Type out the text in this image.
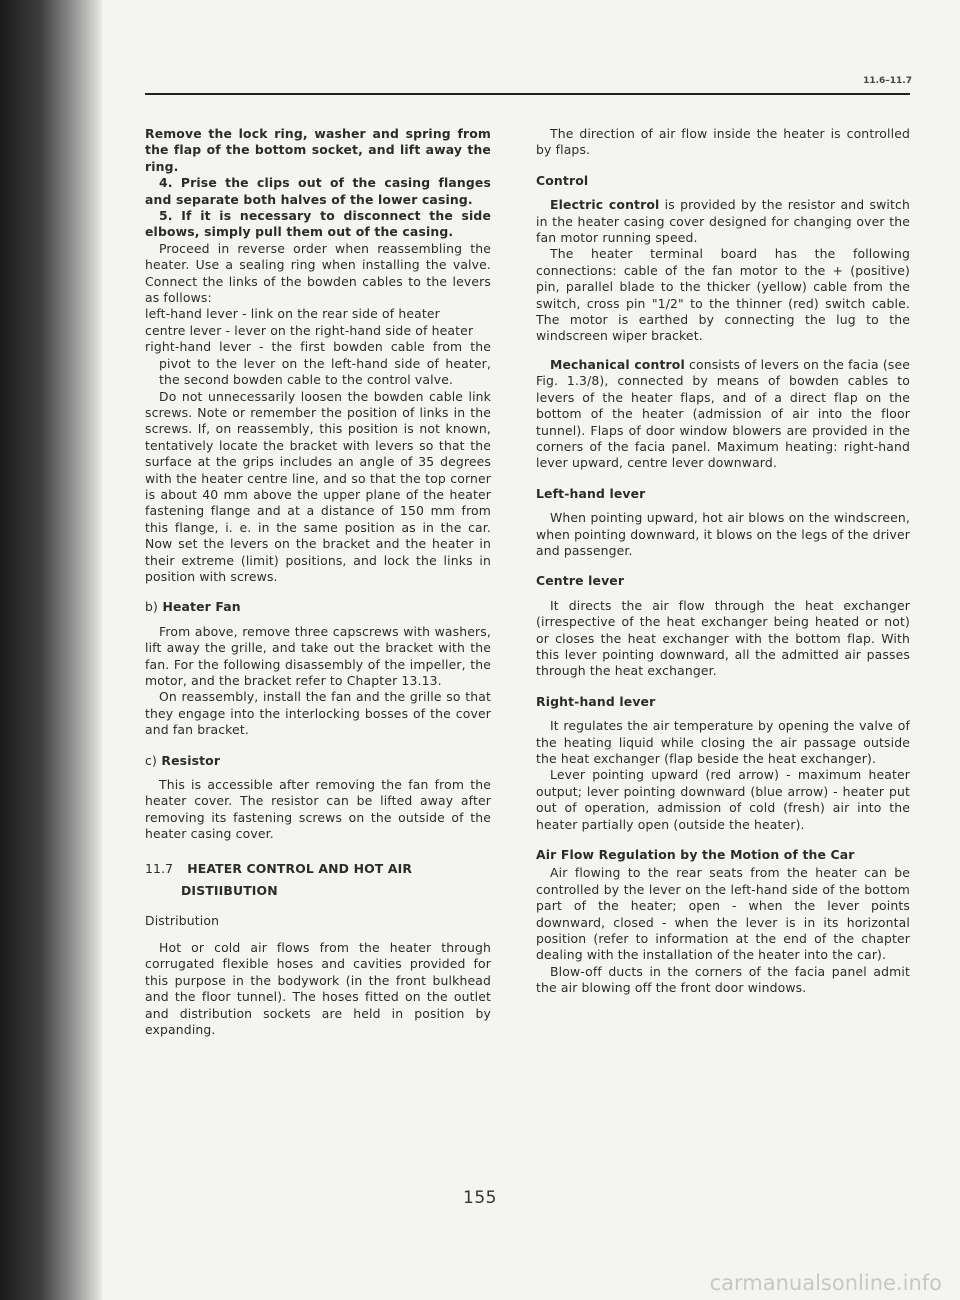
11.6–11.7

Remove the lock ring, washer and spring from the flap of the bottom socket, and lift away the ring.

4. Prise the clips out of the casing flanges and separate both halves of the lower casing.

5. If it is necessary to disconnect the side elbows, simply pull them out of the casing.

Proceed in reverse order when reassembling the heater. Use a sealing ring when installing the valve. Connect the links of the bowden cables to the levers as follows:

left-hand lever - link on the rear side of heater

centre lever - lever on the right-hand side of heater

right-hand lever - the first bowden cable from the pivot to the lever on the left-hand side of heater, the second bowden cable to the control valve.

Do not unnecessarily loosen the bowden cable link screws. Note or remember the position of links in the screws. If, on reassembly, this position is not known, tentatively locate the bracket with levers so that the surface at the grips includes an angle of 35 degrees with the heater centre line, and so that the top corner is about 40 mm above the upper plane of the heater fastening flange and at a distance of 150 mm from this flange, i. e. in the same position as in the car. Now set the levers on the bracket and the heater in their extreme (limit) positions, and lock the links in position with screws.

b) Heater Fan

From above, remove three capscrews with washers, lift away the grille, and take out the bracket with the fan. For the following disassembly of the impeller, the motor, and the bracket refer to Chapter 13.13.

On reassembly, install the fan and the grille so that they engage into the interlocking bosses of the cover and fan bracket.

c) Resistor

This is accessible after removing the fan from the heater cover. The resistor can be lifted away after removing its fastening screws on the outside of the heater casing cover.

11.7 HEATER CONTROL AND HOT AIR
DISTIIBUTION
Distribution

Hot or cold air flows from the heater through corrugated flexible hoses and cavities provided for this purpose in the bodywork (in the front bulkhead and the floor tunnel). The hoses fitted on the outlet and distribution sockets are held in position by expanding.

The direction of air flow inside the heater is controlled by flaps.

Control

Electric control is provided by the resistor and switch in the heater casing cover designed for changing over the fan motor running speed.

The heater terminal board has the following connections: cable of the fan motor to the + (positive) pin, parallel blade to the thicker (yellow) cable from the switch, cross pin "1/2" to the thinner (red) switch cable. The motor is earthed by connecting the lug to the windscreen wiper bracket.

Mechanical control consists of levers on the facia (see Fig. 1.3/8), connected by means of bowden cables to levers of the heater flaps, and of a direct flap on the bottom of the heater (admission of air into the floor tunnel). Flaps of door window blowers are provided in the corners of the facia panel. Maximum heating: right-hand lever upward, centre lever downward.

Left-hand lever

When pointing upward, hot air blows on the windscreen, when pointing downward, it blows on the legs of the driver and passenger.

Centre lever

It directs the air flow through the heat exchanger (irrespective of the heat exchanger being heated or not) or closes the heat exchanger with the bottom flap. With this lever pointing downward, all the admitted air passes through the heat exchanger.

Right-hand lever

It regulates the air temperature by opening the valve of the heating liquid while closing the air passage outside the heat exchanger (flap beside the heat exchanger).

Lever pointing upward (red arrow) - maximum heater output; lever pointing downward (blue arrow) - heater put out of operation, admission of cold (fresh) air into the heater partially open (outside the heater).

Air Flow Regulation by the Motion of the Car

Air flowing to the rear seats from the heater can be controlled by the lever on the left-hand side of the bottom part of the heater; open - when the lever points downward, closed - when the lever is in its horizontal position (refer to information at the end of the chapter dealing with the installation of the heater into the car).

Blow-off ducts in the corners of the facia panel admit the air blowing off the front door windows.

155
carmanualsonline.info
